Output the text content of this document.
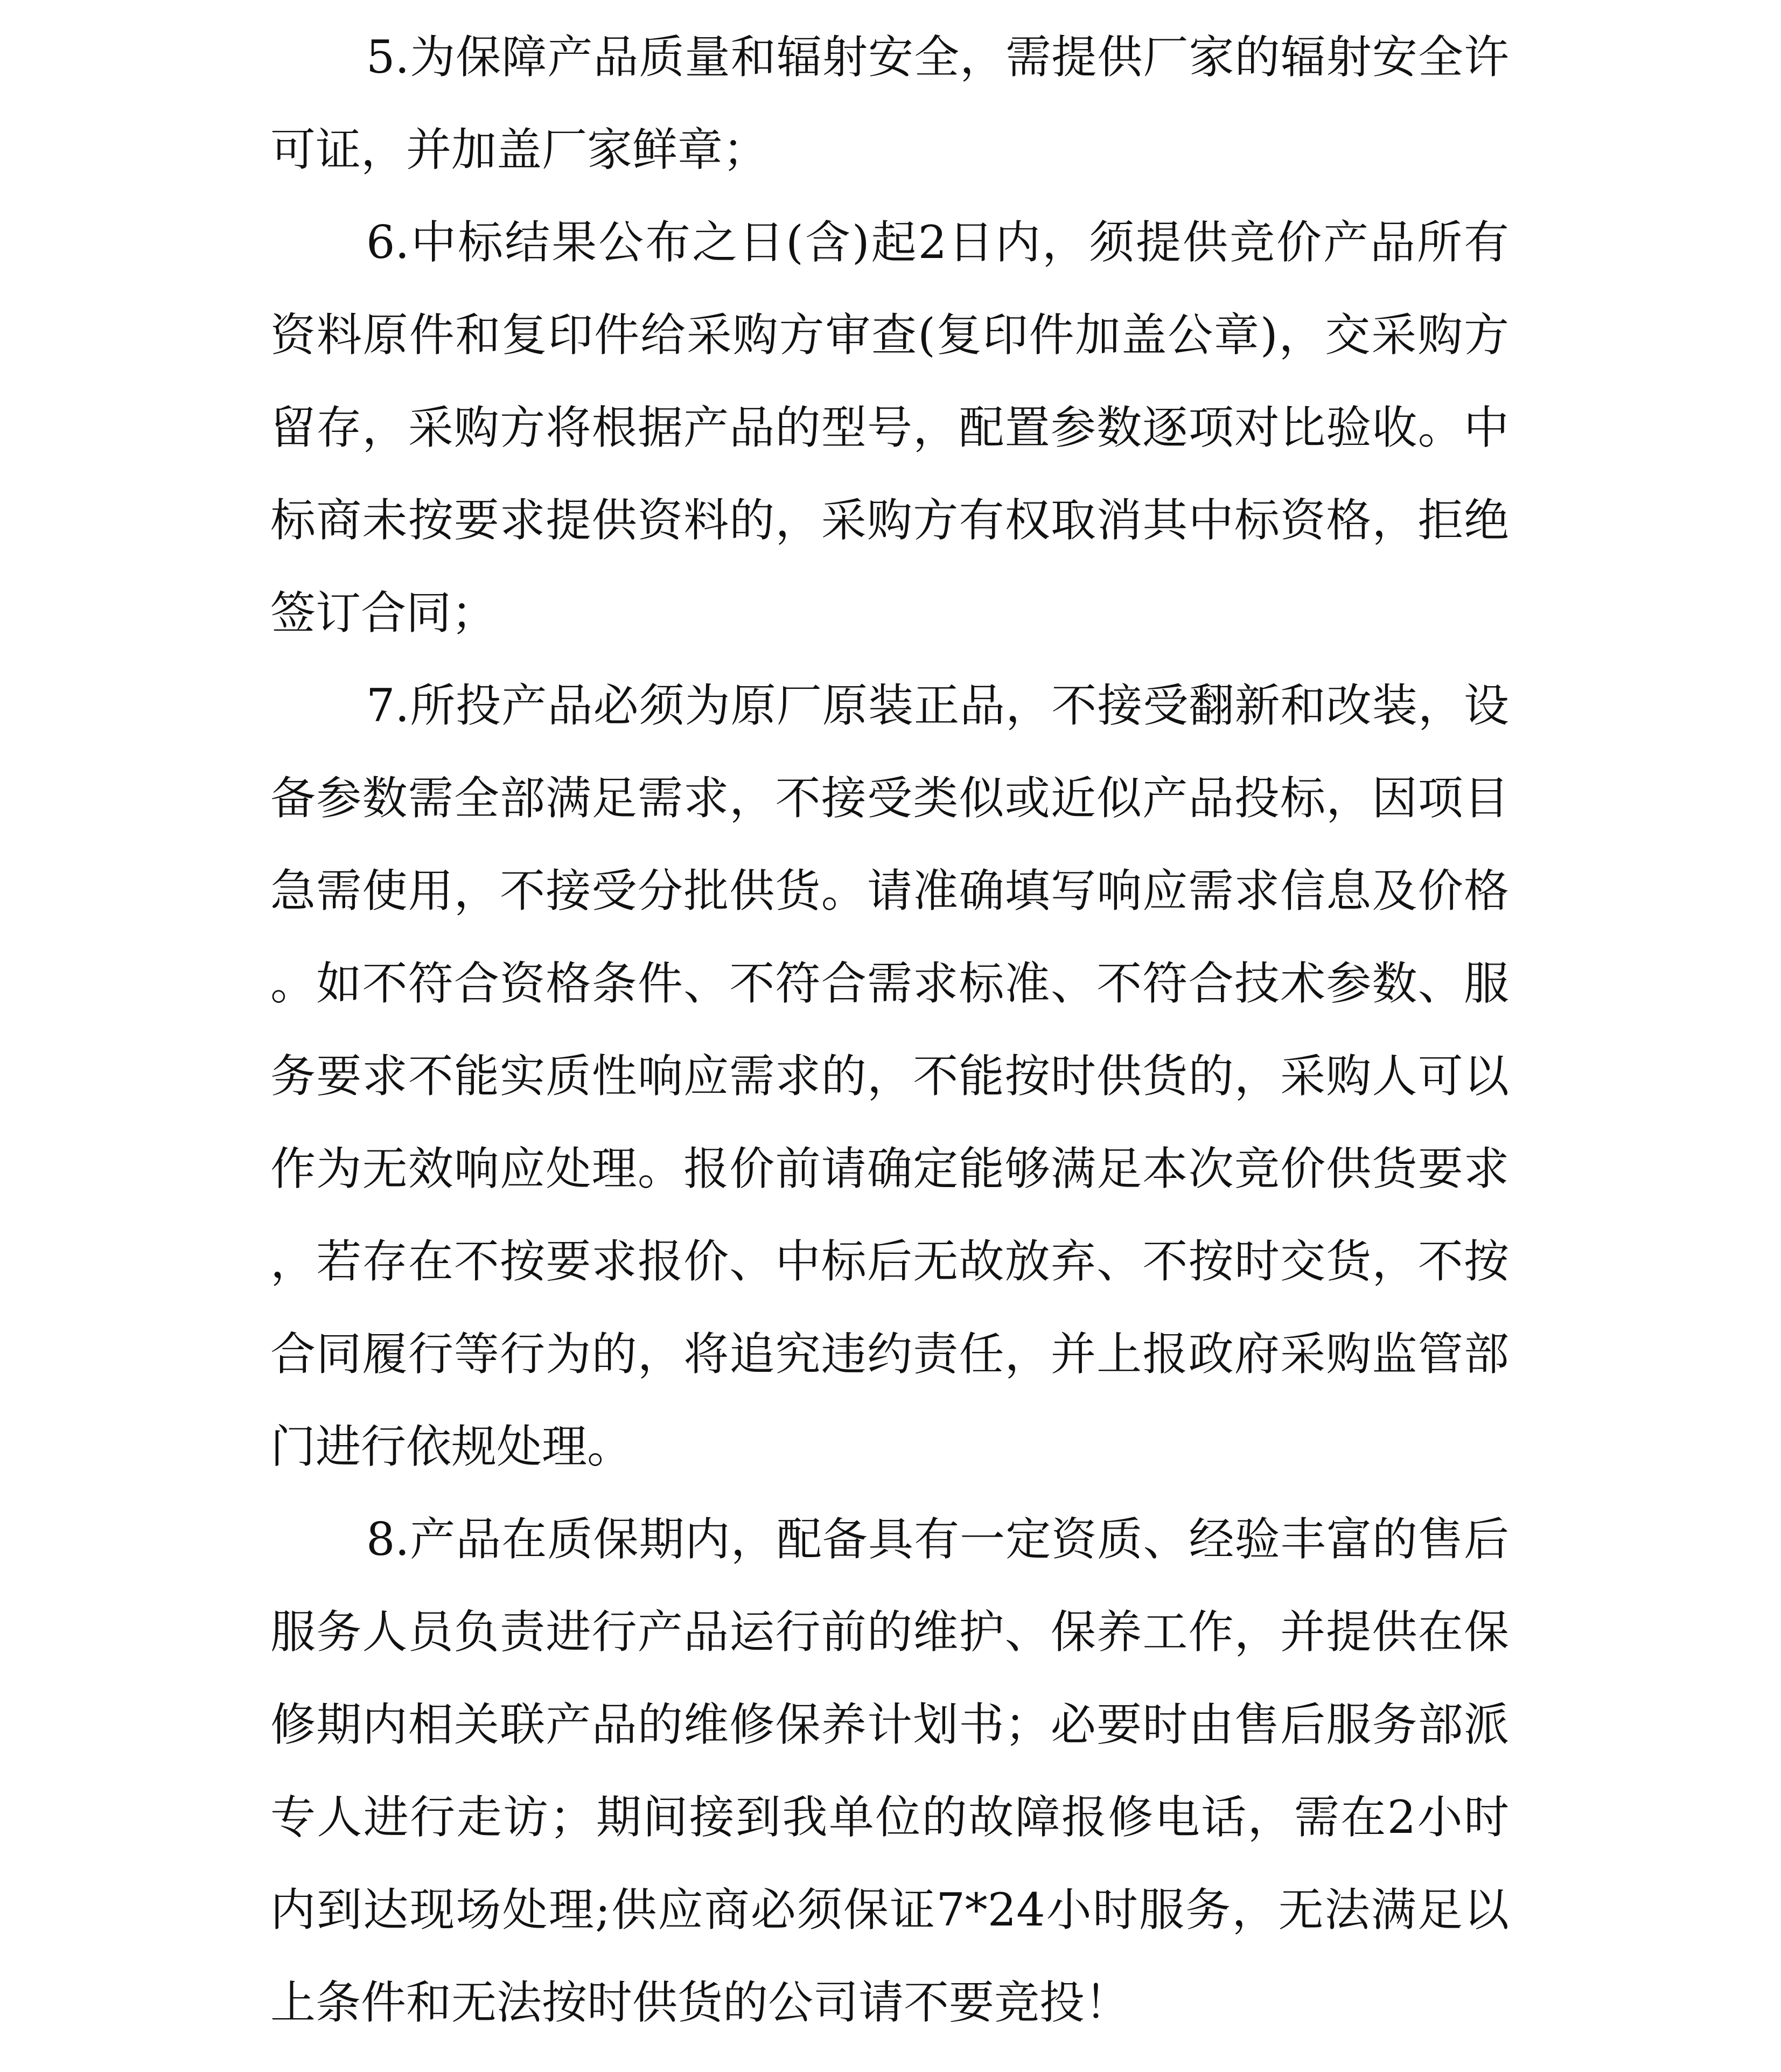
5.为保障产品质量和辐射安全，需提供厂家的辐射安全许可证，并加盖厂家鲜章；

6.中标结果公布之日(含)起2日内，须提供竞价产品所有资料原件和复印件给采购方审查(复印件加盖公章)，交采购方留存，采购方将根据产品的型号，配置参数逐项对比验收。中标商未按要求提供资料的，采购方有权取消其中标资格，拒绝签订合同；

7.所投产品必须为原厂原装正品，不接受翻新和改装，设备参数需全部满足需求，不接受类似或近似产品投标，因项目急需使用，不接受分批供货。请准确填写响应需求信息及价格。如不符合资格条件、不符合需求标准、不符合技术参数、服务要求不能实质性响应需求的，不能按时供货的，采购人可以作为无效响应处理。报价前请确定能够满足本次竞价供货要求，若存在不按要求报价、中标后无故放弃、不按时交货，不按合同履行等行为的，将追究违约责任，并上报政府采购监管部门进行依规处理。

8.产品在质保期内，配备具有一定资质、经验丰富的售后服务人员负责进行产品运行前的维护、保养工作，并提供在保修期内相关联产品的维修保养计划书；必要时由售后服务部派专人进行走访；期间接到我单位的故障报修电话，需在2小时内到达现场处理;供应商必须保证7*24小时服务，无法满足以上条件和无法按时供货的公司请不要竞投！
